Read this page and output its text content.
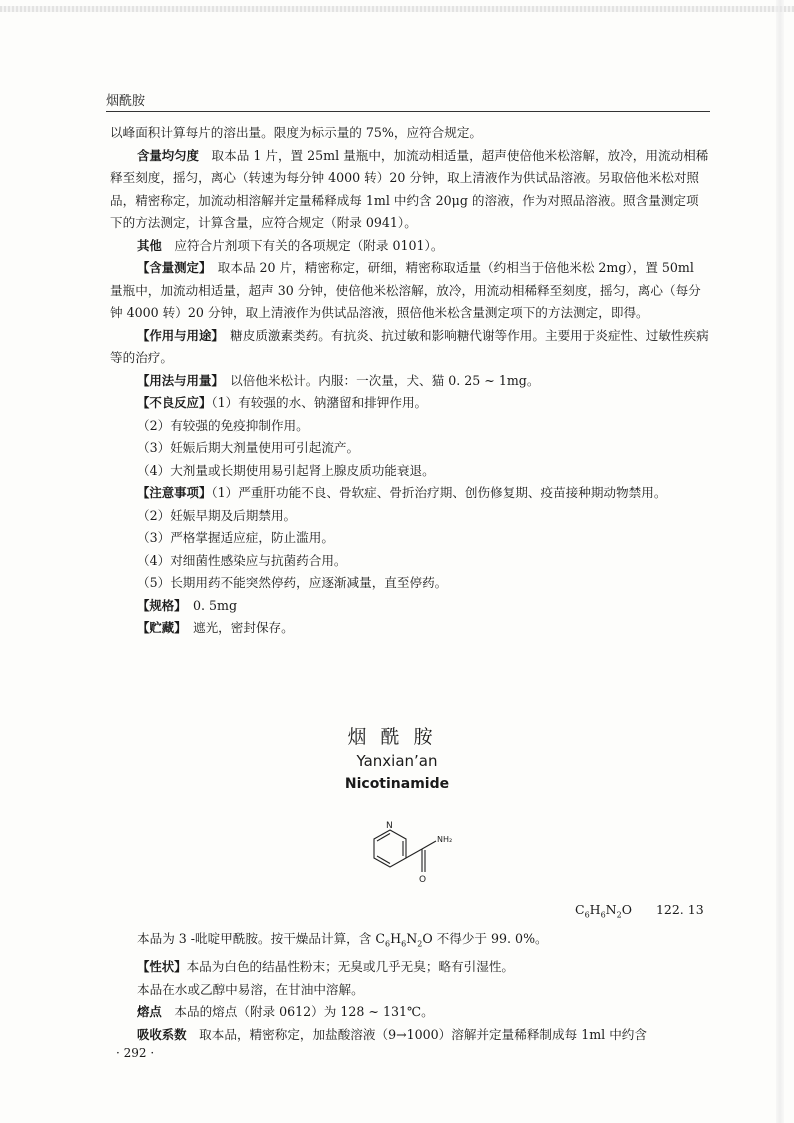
烟酰胺

以峰面积计算每片的溶出量。限度为标示量的 75%，应符合规定。

含量均匀度　 取本品 1 片，置 25ml 量瓶中，加流动相适量，超声使倍他米松溶解，放冷，用流动相稀释至刻度，摇匀，离心（转速为每分钟 4000 转）20 分钟，取上清液作为供试品溶液。另取倍他米松对照品，精密称定，加流动相溶解并定量稀释成每 1ml 中约含 20μg 的溶液，作为对照品溶液。照含量测定项下的方法测定，计算含量，应符合规定（附录 0941）。

其他　 应符合片剂项下有关的各项规定（附录 0101）。

【含量测定】　 取本品 20 片，精密称定，研细，精密称取适量（约相当于倍他米松 2mg），置 50ml 量瓶中，加流动相适量，超声 30 分钟，使倍他米松溶解，放冷，用流动相稀释至刻度，摇匀，离心（每分钟 4000 转）20 分钟，取上清液作为供试品溶液，照倍他米松含量测定项下的方法测定，即得。

【作用与用途】　 糖皮质激素类药。有抗炎、抗过敏和影响糖代谢等作用。主要用于炎症性、过敏性疾病等的治疗。

【用法与用量】　 以倍他米松计。内服：一次量，犬、猫 0. 25 ~ 1mg。

【不良反应】（1）有较强的水、钠潴留和排钾作用。

（2）有较强的免疫抑制作用。

（3）妊娠后期大剂量使用可引起流产。

（4）大剂量或长期使用易引起肾上腺皮质功能衰退。

【注意事项】（1）严重肝功能不良、骨软症、骨折治疗期、创伤修复期、疫苗接种期动物禁用。

（2）妊娠早期及后期禁用。

（3）严格掌握适应症，防止滥用。

（4）对细菌性感染应与抗菌药合用。

（5）长期用药不能突然停药，应逐渐减量，直至停药。

【规格】　 0. 5mg

【贮藏】　 遮光，密封保存。

烟酰胺
Yanxian’an
Nicotinamide
N
O
NH₂
$C_6H_6N_2O$ 122. 13

本品为 3 -吡啶甲酰胺。按干燥品计算，含 $C_6H_6N_2O$ 不得少于 99. 0%。

【性状】本品为白色的结晶性粉末；无臭或几乎无臭；略有引湿性。

本品在水或乙醇中易溶，在甘油中溶解。

熔点　 本品的熔点（附录 0612）为 128 ~ 131℃。

吸收系数　 取本品，精密称定，加盐酸溶液（9→1000）溶解并定量稀释制成每 1ml 中约含

· 292 ·
